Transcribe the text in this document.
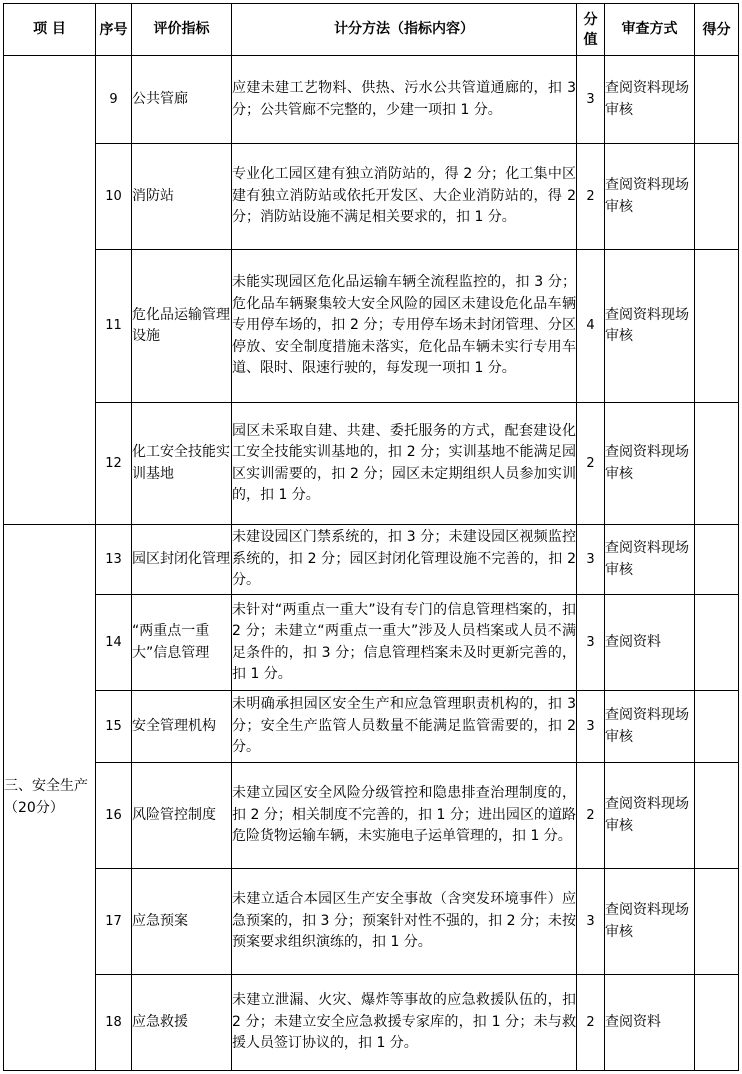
项 目	序号	评价指标	计分方法（指标内容）	分值	审查方式	得分

	9	公共管廊	应建未建工艺物料、供热、污水公共管道通廊的，扣 3 分；公共管廊不完整的，少建一项扣 1 分。	3	查阅资料现场审核	
	10	消防站	专业化工园区建有独立消防站的，得 2 分；化工集中区建有独立消防站或依托开发区、大企业消防站的，得 2 分；消防站设施不满足相关要求的，扣 1 分。	2	查阅资料现场审核	
	11	危化品运输管理设施	未能实现园区危化品运输车辆全流程监控的，扣 3 分；危化品车辆聚集较大安全风险的园区未建设危化品车辆专用停车场的，扣 2 分；专用停车场未封闭管理、分区停放、安全制度措施未落实，危化品车辆未实行专用车道、限时、限速行驶的，每发现一项扣 1 分。	4	查阅资料现场审核	
	12	化工安全技能实训基地	园区未采取自建、共建、委托服务的方式，配套建设化工安全技能实训基地的，扣 2 分；实训基地不能满足园区实训需要的，扣 2 分；园区未定期组织人员参加实训的，扣 1 分。	2	查阅资料现场审核	
三、安全生产（20分）	13	园区封闭化管理	未建设园区门禁系统的，扣 3 分；未建设园区视频监控系统的，扣 2 分；园区封闭化管理设施不完善的，扣 2 分。	3	查阅资料现场审核	
	14	“两重点一重大”信息管理	未针对“两重点一重大”设有专门的信息管理档案的，扣 2 分；未建立“两重点一重大”涉及人员档案或人员不满足条件的，扣 3 分；信息管理档案未及时更新完善的，扣 1 分。	3	查阅资料	
	15	安全管理机构	未明确承担园区安全生产和应急管理职责机构的，扣 3 分；安全生产监管人员数量不能满足监管需要的，扣 2 分。	3	查阅资料现场审核	
	16	风险管控制度	未建立园区安全风险分级管控和隐患排查治理制度的，扣 2 分；相关制度不完善的，扣 1 分；进出园区的道路危险货物运输车辆，未实施电子运单管理的，扣 1 分。	2	查阅资料现场审核	
	17	应急预案	未建立适合本园区生产安全事故（含突发环境事件）应急预案的，扣 3 分；预案针对性不强的，扣 2 分；未按预案要求组织演练的，扣 1 分。	3	查阅资料现场审核	
	18	应急救援	未建立泄漏、火灾、爆炸等事故的应急救援队伍的，扣 2 分；未建立安全应急救援专家库的，扣 1 分；未与救援人员签订协议的，扣 1 分。	2	查阅资料	
